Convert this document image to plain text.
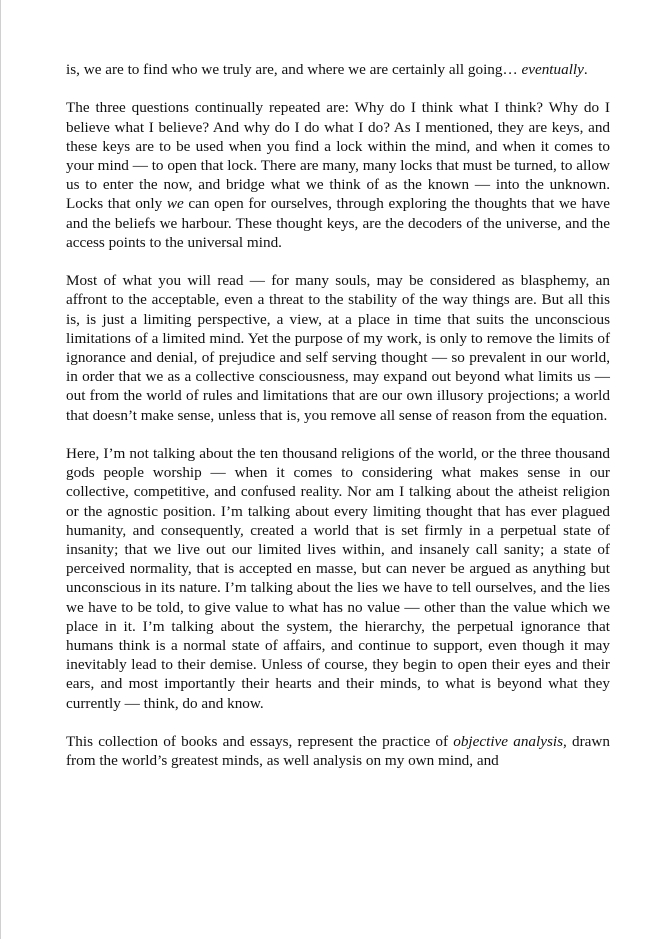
is, we are to find who we truly are, and where we are certainly all going… eventually.

The three questions continually repeated are: Why do I think what I think? Why do I believe what I believe? And why do I do what I do? As I mentioned, they are keys, and these keys are to be used when you find a lock within the mind, and when it comes to your mind — to open that lock. There are many, many locks that must be turned, to allow us to enter the now, and bridge what we think of as the known — into the unknown. Locks that only we can open for ourselves, through exploring the thoughts that we have and the beliefs we harbour. These thought keys, are the decoders of the universe, and the access points to the universal mind.

Most of what you will read — for many souls, may be considered as blasphemy, an affront to the acceptable, even a threat to the stability of the way things are. But all this is, is just a limiting perspective, a view, at a place in time that suits the unconscious limitations of a limited mind. Yet the purpose of my work, is only to remove the limits of ignorance and denial, of prejudice and self serving thought — so prevalent in our world, in order that we as a collective consciousness, may expand out beyond what limits us — out from the world of rules and limitations that are our own illusory projections; a world that doesn’t make sense, unless that is, you remove all sense of reason from the equation.

Here, I’m not talking about the ten thousand religions of the world, or the three thousand gods people worship — when it comes to considering what makes sense in our collective, competitive, and confused reality. Nor am I talking about the atheist religion or the agnostic position. I’m talking about every limiting thought that has ever plagued humanity, and consequently, created a world that is set firmly in a perpetual state of insanity; that we live out our limited lives within, and insanely call sanity; a state of perceived normality, that is accepted en masse, but can never be argued as anything but unconscious in its nature. I’m talking about the lies we have to tell ourselves, and the lies we have to be told, to give value to what has no value — other than the value which we place in it. I’m talking about the system, the hierarchy, the perpetual ignorance that humans think is a normal state of affairs, and continue to support, even though it may inevitably lead to their demise. Unless of course, they begin to open their eyes and their ears, and most importantly their hearts and their minds, to what is beyond what they currently — think, do and know.

This collection of books and essays, represent the practice of objective analysis, drawn from the world’s greatest minds, as well analysis on my own mind, and
